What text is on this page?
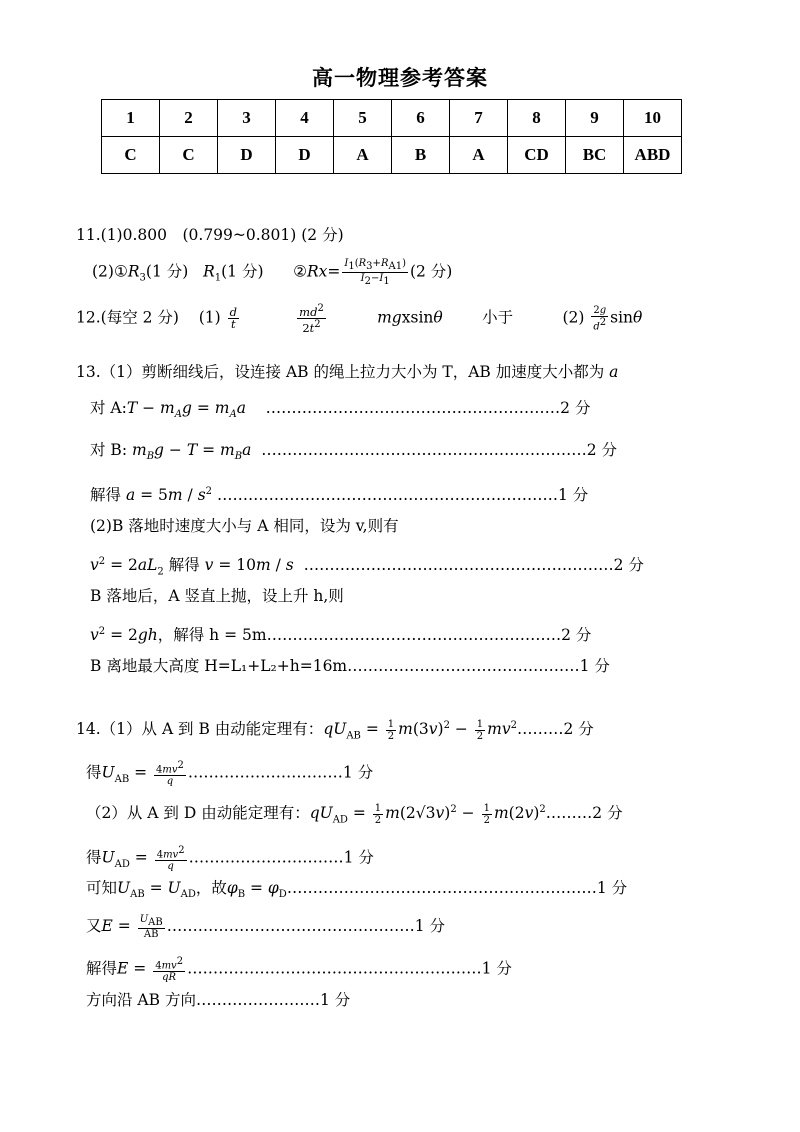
高一物理参考答案
1	2	3	4	5	6	7	8	9	10
C	C	D	D	A	B	A	CD	BC	ABD
11.(1)0.800　(0.799~0.801) (2 分)
$(2)①R_3(1$ 分) $R_1(1$ 分) ②Rx= $\frac{I_1(R_3+R_{A1})}{I_2-I_1} (2$ 分)
12.(每空 2 分) $(1) \frac{d}{t}$
	$\frac{md^2}{2t^2}$	mgxsinθ	小于	$(2) \frac{2g}{d^2}$ sinθ
13.（1）剪断细线后，设连接 AB 的绳上拉力大小为 T，AB 加速度大小都为 a
对 A:T − $m_Ag = m_Aa$ …………………………………………………2 分
对 B: $m_Bg - T = m_Ba$ ………………………………………………………2 分
解得 $a = 5m / s^2$ …………………………………………………………1 分
(2)B 落地时速度大小与 A 相同，设为 v,则有
$v^2 = 2aL_2$ 解得 v = 10m / s ……………………………………………………2 分
B 落地后，A 竖直上抛，设上升 h,则
$v^2 = 2gh$，解得 h = 5m…………………………………………………2 分
B 离地最大高度 H=L₁+L₂+h=16m………………………………………1 分
14.（1）从 A 到 B 由动能定理有：$qU_{AB} = \frac{1}{2} m(3v)^2 - \frac{1}{2}$ $mv^2\dots\dots\dots 2$ 分
得$U_{AB} = \frac{4mv^2}{q}$ …………………………1 分
（2）从 A 到 D 由动能定理有：$qU_{AD} = \frac{1}{2} m(2√3v)^2 - \frac{1}{2}$ $m(2v)^2\dots\dots\dots 2$ 分
得$U_{AD} = \frac{4mv^2}{q}$ …………………………1 分
可知$U_{AB} = U_{AD}$，故$\varphi_B$ = $\varphi_D\dots\dots\dots\dots\dots\dots\dots\dots\dots\dots\dots\dots\dots\dots\dots\dots\dots\dots\dots\dots 1$ 分
又$E = \frac{U_{AB}}{AB}$ …………………………………………1 分
解得$E = \frac{4mv^2}{qR}$ …………………………………………………1 分
方向沿 AB 方向……………………1 分
